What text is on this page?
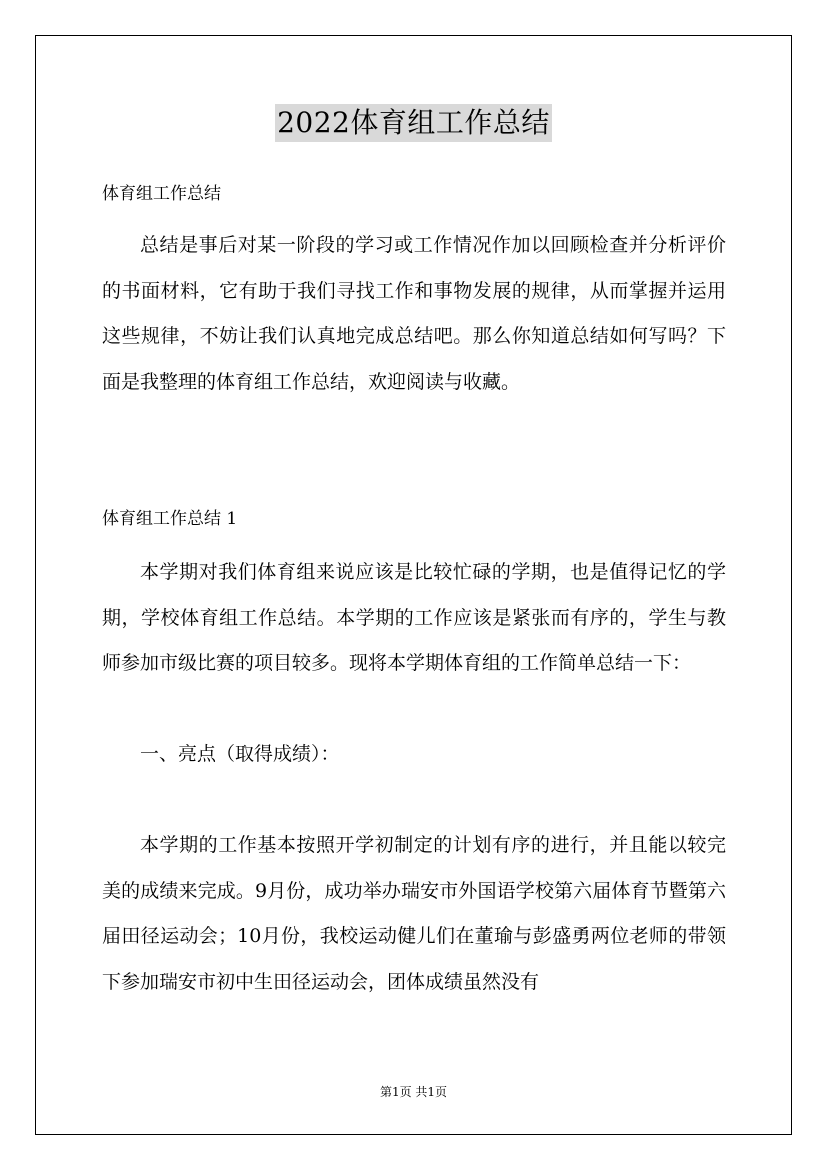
2022体育组工作总结
体育组工作总结

总结是事后对某一阶段的学习或工作情况作加以回顾检查并分析评价的书面材料，它有助于我们寻找工作和事物发展的规律，从而掌握并运用这些规律，不妨让我们认真地完成总结吧。那么你知道总结如何写吗？下面是我整理的体育组工作总结，欢迎阅读与收藏。

体育组工作总结 1

本学期对我们体育组来说应该是比较忙碌的学期，也是值得记忆的学期，学校体育组工作总结。本学期的工作应该是紧张而有序的，学生与教师参加市级比赛的项目较多。现将本学期体育组的工作简单总结一下：

一、亮点（取得成绩）：

本学期的工作基本按照开学初制定的计划有序的进行，并且能以较完美的成绩来完成。9月份，成功举办瑞安市外国语学校第六届体育节暨第六届田径运动会；10月份，我校运动健儿们在董瑜与彭盛勇两位老师的带领下参加瑞安市初中生田径运动会，团体成绩虽然没有

第1页 共1页
